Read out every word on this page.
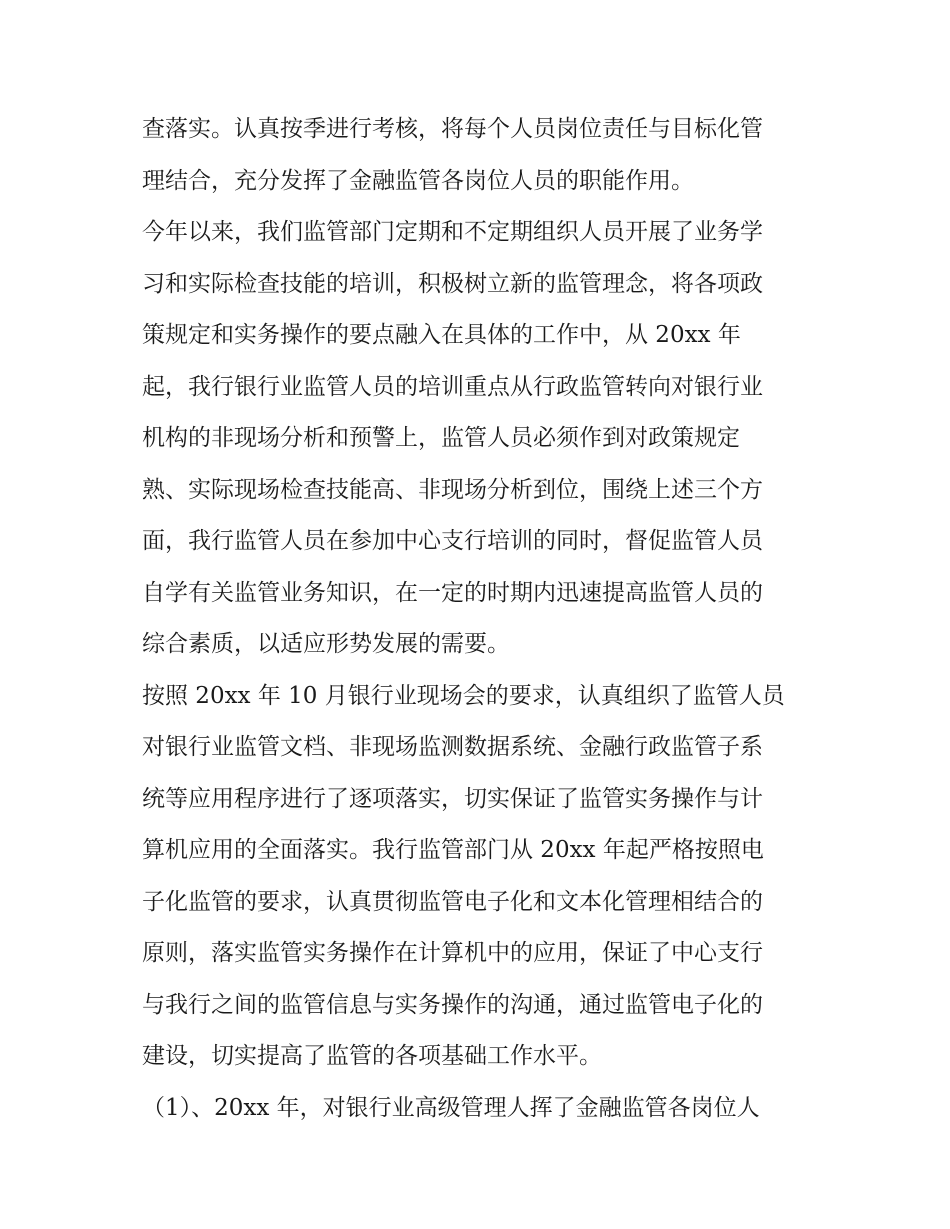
查落实。认真按季进行考核，将每个人员岗位责任与目标化管
理结合，充分发挥了金融监管各岗位人员的职能作用。
今年以来，我们监管部门定期和不定期组织人员开展了业务学
习和实际检查技能的培训，积极树立新的监管理念，将各项政
策规定和实务操作的要点融入在具体的工作中，从 20xx 年
起，我行银行业监管人员的培训重点从行政监管转向对银行业
机构的非现场分析和预警上，监管人员必须作到对政策规定
熟、实际现场检查技能高、非现场分析到位，围绕上述三个方
面，我行监管人员在参加中心支行培训的同时，督促监管人员
自学有关监管业务知识，在一定的时期内迅速提高监管人员的
综合素质，以适应形势发展的需要。
按照 20xx 年 10 月银行业现场会的要求，认真组织了监管人员
对银行业监管文档、非现场监测数据系统、金融行政监管子系
统等应用程序进行了逐项落实，切实保证了监管实务操作与计
算机应用的全面落实。我行监管部门从 20xx 年起严格按照电
子化监管的要求，认真贯彻监管电子化和文本化管理相结合的
原则，落实监管实务操作在计算机中的应用，保证了中心支行
与我行之间的监管信息与实务操作的沟通，通过监管电子化的
建设，切实提高了监管的各项基础工作水平。
（1）、20xx 年，对银行业高级管理人挥了金融监管各岗位人
